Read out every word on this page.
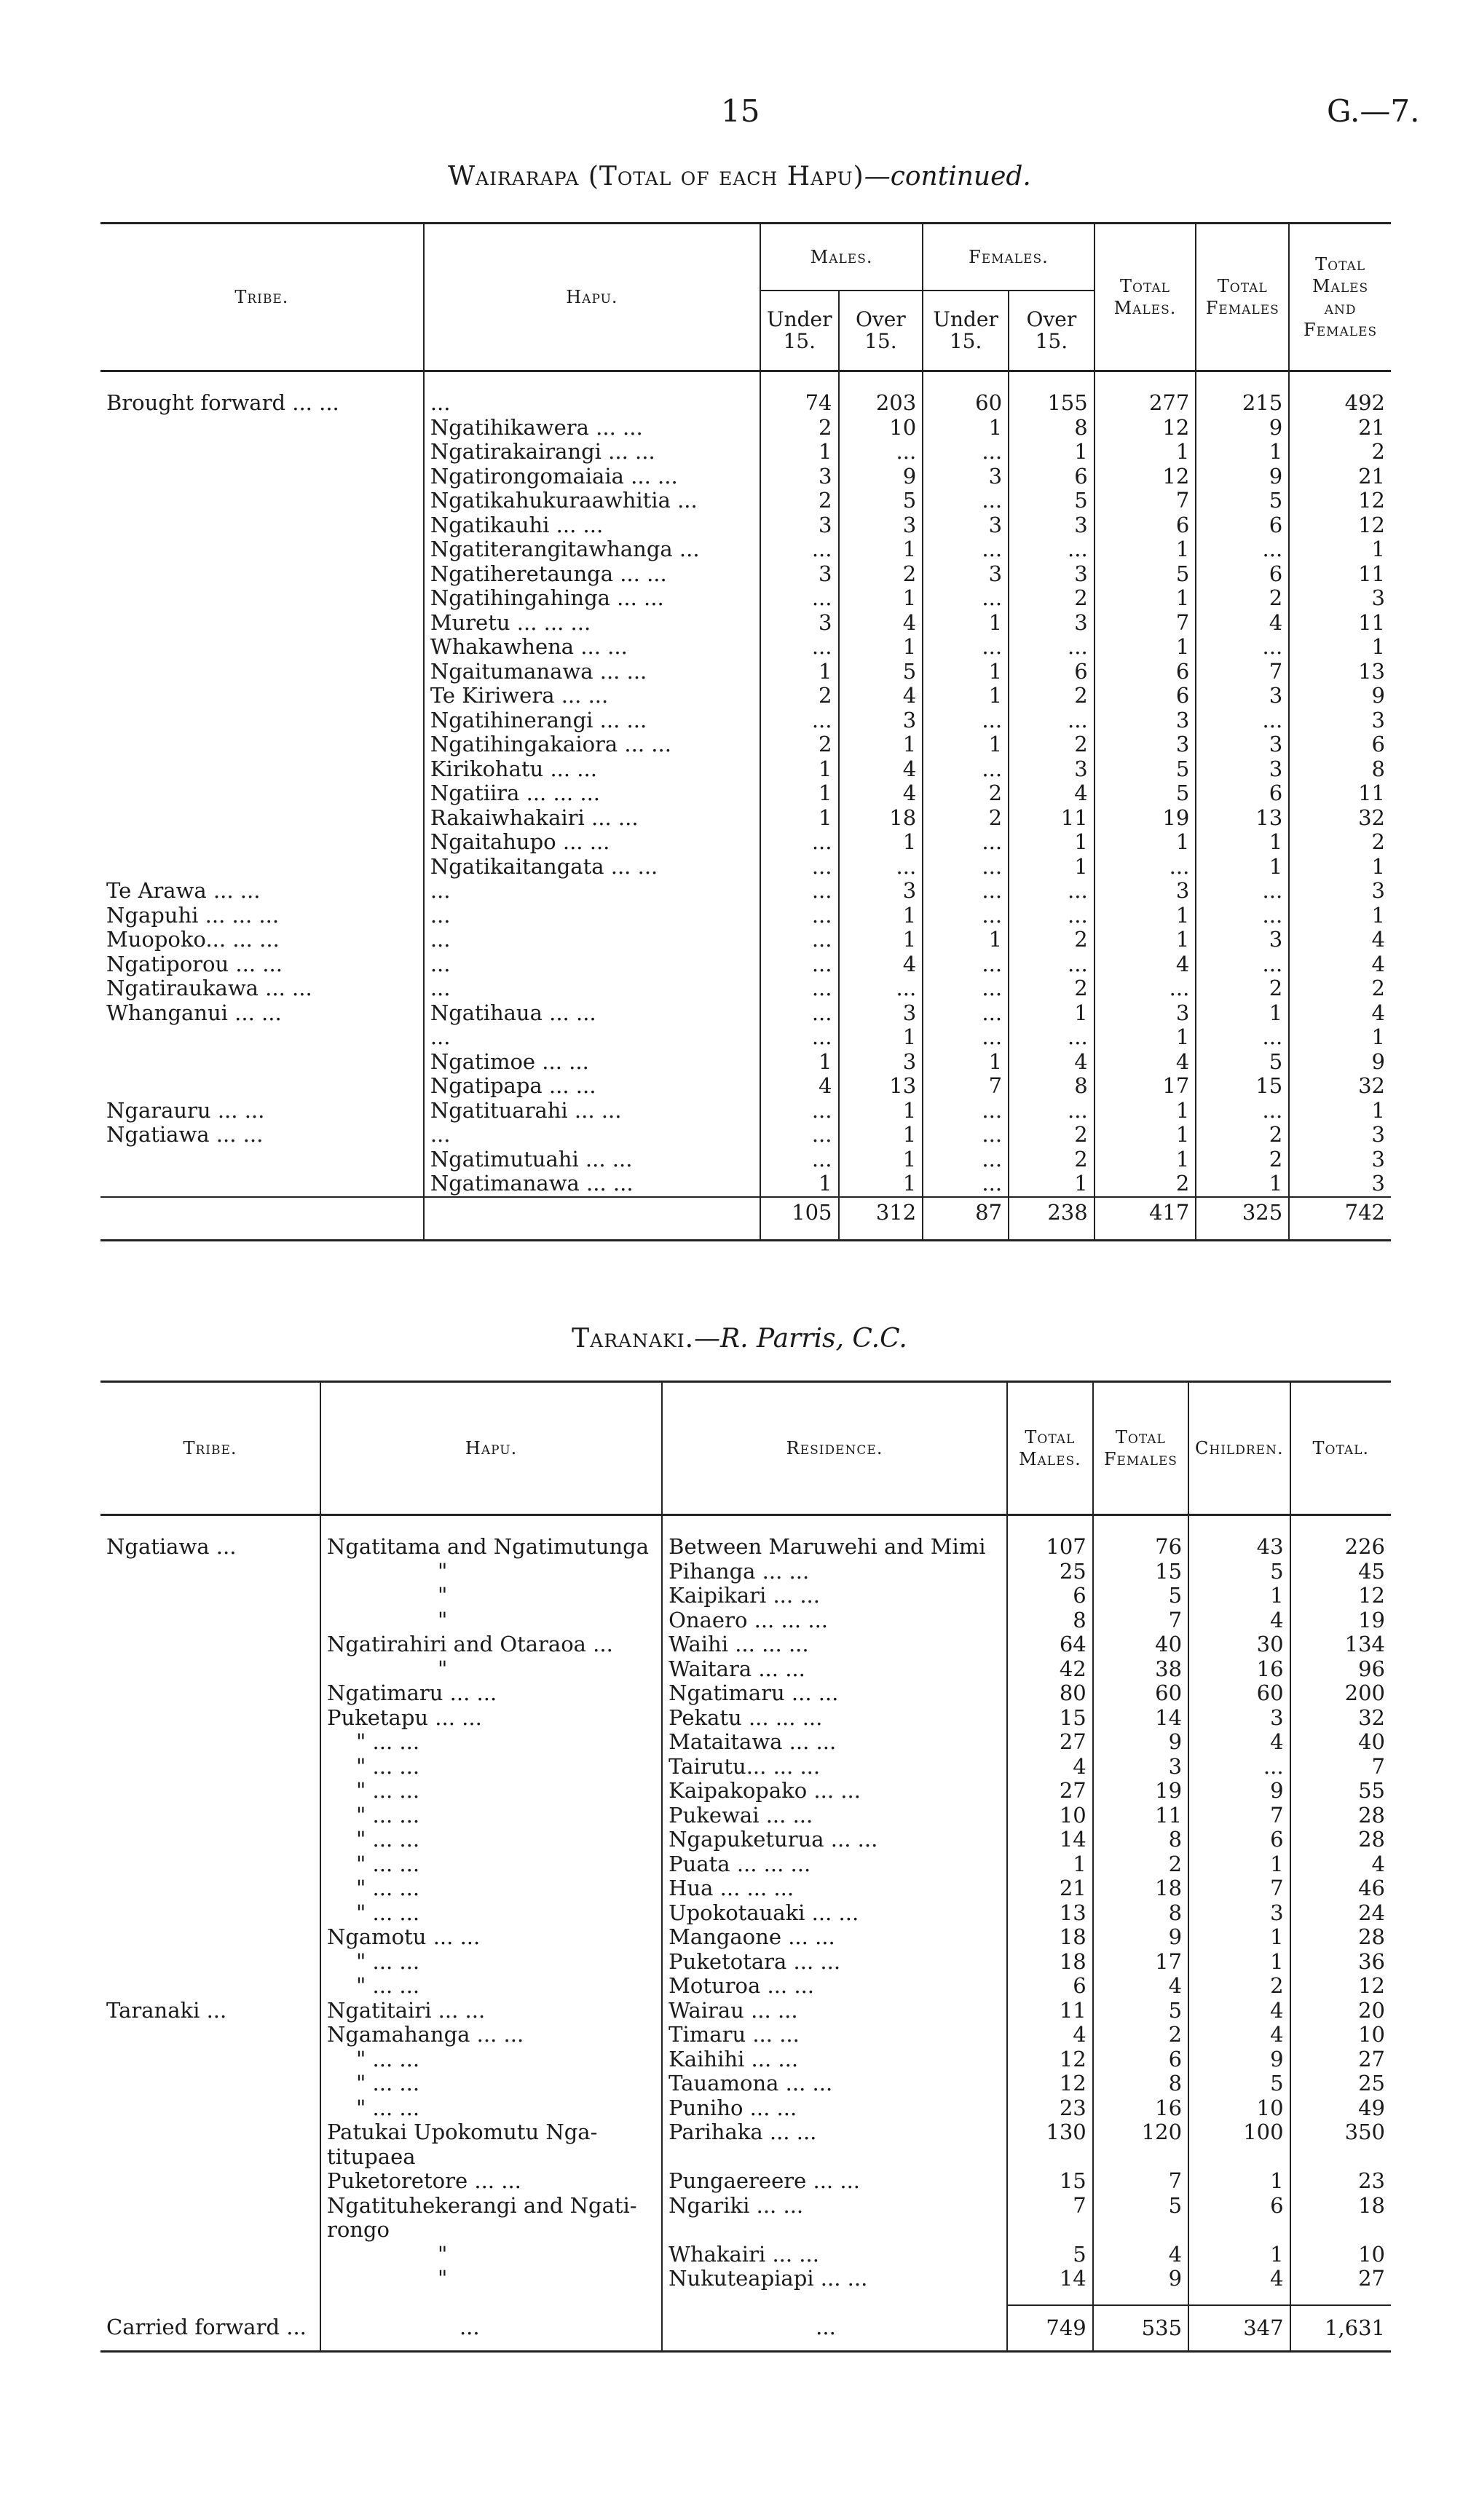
15	G.—7.
Wairarapa (Total of each Hapu)—continued.
Tribe.	Hapu.	Males.		Females.		Total Males.	Total Females	Total Males and Females
		Under 15.	Over 15.	Under 15.	Over 15.			

Brought forward ... ...	...	74	203	60	155	277	215	492
	Ngatihikawera ... ...	2	10	1	8	12	9	21
	Ngatirakairangi ... ...	1	...	...	1	1	1	2
	Ngatirongomaiaia ... ...	3	9	3	6	12	9	21
	Ngatikahukuraawhitia ...	2	5	...	5	7	5	12
	Ngatikauhi ... ...	3	3	3	3	6	6	12
	Ngatiterangitawhanga ...	...	1	...	...	1	...	1
	Ngatiheretaunga ... ...	3	2	3	3	5	6	11
	Ngatihingahinga ... ...	...	1	...	2	1	2	3
	Muretu ... ... ...	3	4	1	3	7	4	11
	Whakawhena ... ...	...	1	...	...	1	...	1
	Ngaitumanawa ... ...	1	5	1	6	6	7	13
	Te Kiriwera ... ...	2	4	1	2	6	3	9
	Ngatihinerangi ... ...	...	3	...	...	3	...	3
	Ngatihingakaiora ... ...	2	1	1	2	3	3	6
	Kirikohatu ... ...	1	4	...	3	5	3	8
	Ngatiira ... ... ...	1	4	2	4	5	6	11
	Rakaiwhakairi ... ...	1	18	2	11	19	13	32
	Ngaitahupo ... ...	...	1	...	1	1	1	2
	Ngatikaitangata ... ...	...	...	...	1	...	1	1
Te Arawa ... ...	...	...	3	...	...	3	...	3
Ngapuhi ... ... ...	...	...	1	...	...	1	...	1
Muopoko... ... ...	...	...	1	1	2	1	3	4
Ngatiporou ... ...	...	...	4	...	...	4	...	4
Ngatiraukawa ... ...	...	...	...	...	2	...	2	2
Whanganui ... ...	Ngatihaua ... ...	...	3	...	1	3	1	4
	...	...	1	...	...	1	...	1
	Ngatimoe ... ...	1	3	1	4	4	5	9
	Ngatipapa ... ...	4	13	7	8	17	15	32
Ngarauru ... ...	Ngatituarahi ... ...	...	1	...	...	1	...	1
Ngatiawa ... ...	...	...	1	...	2	1	2	3
	Ngatimutuahi ... ...	...	1	...	2	1	2	3
	Ngatimanawa ... ...	1	1	...	1	2	1	3
		105	312	87	238	417	325	742

Taranaki.—R. Parris, C.C.
Tribe.	Hapu.	Residence.	Total Males.	Total Females	Children.	Total.

Ngatiawa ...	Ngatitama and Ngatimutunga	Between Maruwehi and Mimi	107	76	43	226
	"	Pihanga ... ...	25	15	5	45
	"	Kaipikari ... ...	6	5	1	12
	"	Onaero ... ... ...	8	7	4	19
	Ngatirahiri and Otaraoa ...	Waihi ... ... ...	64	40	30	134
	"	Waitara ... ...	42	38	16	96
	Ngatimaru ... ...	Ngatimaru ... ...	80	60	60	200
	Puketapu ... ...	Pekatu ... ... ...	15	14	3	32
	" ... ...	Mataitawa ... ...	27	9	4	40
	" ... ...	Tairutu... ... ...	4	3	...	7
	" ... ...	Kaipakopako ... ...	27	19	9	55
	" ... ...	Pukewai ... ...	10	11	7	28
	" ... ...	Ngapuketurua ... ...	14	8	6	28
	" ... ...	Puata ... ... ...	1	2	1	4
	" ... ...	Hua ... ... ...	21	18	7	46
	" ... ...	Upokotauaki ... ...	13	8	3	24
	Ngamotu ... ...	Mangaone ... ...	18	9	1	28
	" ... ...	Puketotara ... ...	18	17	1	36
	" ... ...	Moturoa ... ...	6	4	2	12
Taranaki ...	Ngatitairi ... ...	Wairau ... ...	11	5	4	20
	Ngamahanga ... ...	Timaru ... ...	4	2	4	10
	" ... ...	Kaihihi ... ...	12	6	9	27
	" ... ...	Tauamona ... ...	12	8	5	25
	" ... ...	Puniho ... ...	23	16	10	49
	Patukai Upokomutu Nga-titupaea	Parihaka ... ...	130	120	100	350
	Puketoretore ... ...	Pungaereere ... ...	15	7	1	23
	Ngatituhekerangi and Ngati-rongo	Ngariki ... ...	7	5	6	18
	"	Whakairi ... ...	5	4	1	10
	"	Nukuteapiapi ... ...	14	9	4	27

Carried forward ...	...	...	749	535	347	1,631
